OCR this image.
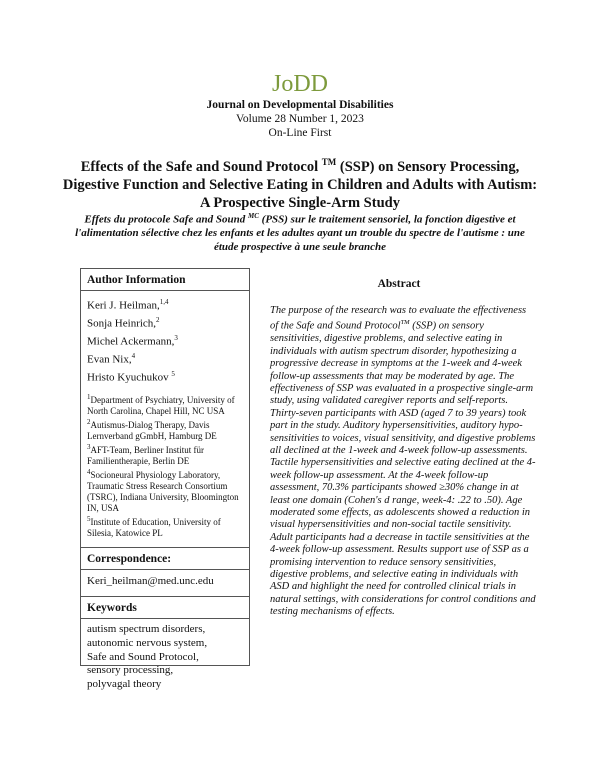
JoDD
Journal on Developmental Disabilities
Volume 28 Number 1, 2023
On-Line First
Effects of the Safe and Sound Protocol ™ (SSP) on Sensory Processing, Digestive Function and Selective Eating in Children and Adults with Autism: A Prospective Single-Arm Study
Effets du protocole Safe and Sound $^{MC}$ (PSS) sur le traitement sensoriel, la fonction digestive et l'alimentation sélective chez les enfants et les adultes ayant un trouble du spectre de l'autisme : une étude prospective à une seule branche
Author Information
Keri J. Heilman,$^{1,4}$
Sonja Heinrich,$^2$
Michel Ackermann,$^3$
Evan Nix,$^4$
Hristo Kyuchukov $^5$
$^1$Department of Psychiatry, University of North Carolina, Chapel Hill, NC USA
$^2$Autismus-Dialog Therapy, Davis Lernverband gGmbH, Hamburg DE
$^3$AFT-Team, Berliner Institut für Familientherapie, Berlin DE
$^4$Socioneural Physiology Laboratory, Traumatic Stress Research Consortium (TSRC), Indiana University, Bloomington IN, USA
$^5$Institute of Education, University of Silesia, Katowice PL
Correspondence:
Keri_heilman@med.unc.edu
Keywords
autism spectrum disorders,
autonomic nervous system,
Safe and Sound Protocol,
sensory processing,
polyvagal theory
Abstract
The purpose of the research was to evaluate the effectiveness of the Safe and Sound Protocol™ (SSP) on sensory sensitivities, digestive problems, and selective eating in individuals with autism spectrum disorder, hypothesizing a progressive decrease in symptoms at the 1-week and 4-week follow-up assessments that may be moderated by age. The effectiveness of SSP was evaluated in a prospective single-arm study, using validated caregiver reports and self-reports. Thirty-seven participants with ASD (aged 7 to 39 years) took part in the study. Auditory hypersensitivities, auditory hypo-sensitivities to voices, visual sensitivity, and digestive problems all declined at the 1-week and 4-week follow-up assessments. Tactile hypersensitivities and selective eating declined at the 4-week follow-up assessment. At the 4-week follow-up assessment, 70.3% participants showed ≥30% change in at least one domain (Cohen's d range, week-4: .22 to .50). Age moderated some effects, as adolescents showed a reduction in visual hypersensitivities and non-social tactile sensitivity. Adult participants had a decrease in tactile sensitivities at the 4-week follow-up assessment. Results support use of SSP as a promising intervention to reduce sensory sensitivities, digestive problems, and selective eating in individuals with ASD and highlight the need for controlled clinical trials in natural settings, with considerations for control conditions and testing mechanisms of effects.
